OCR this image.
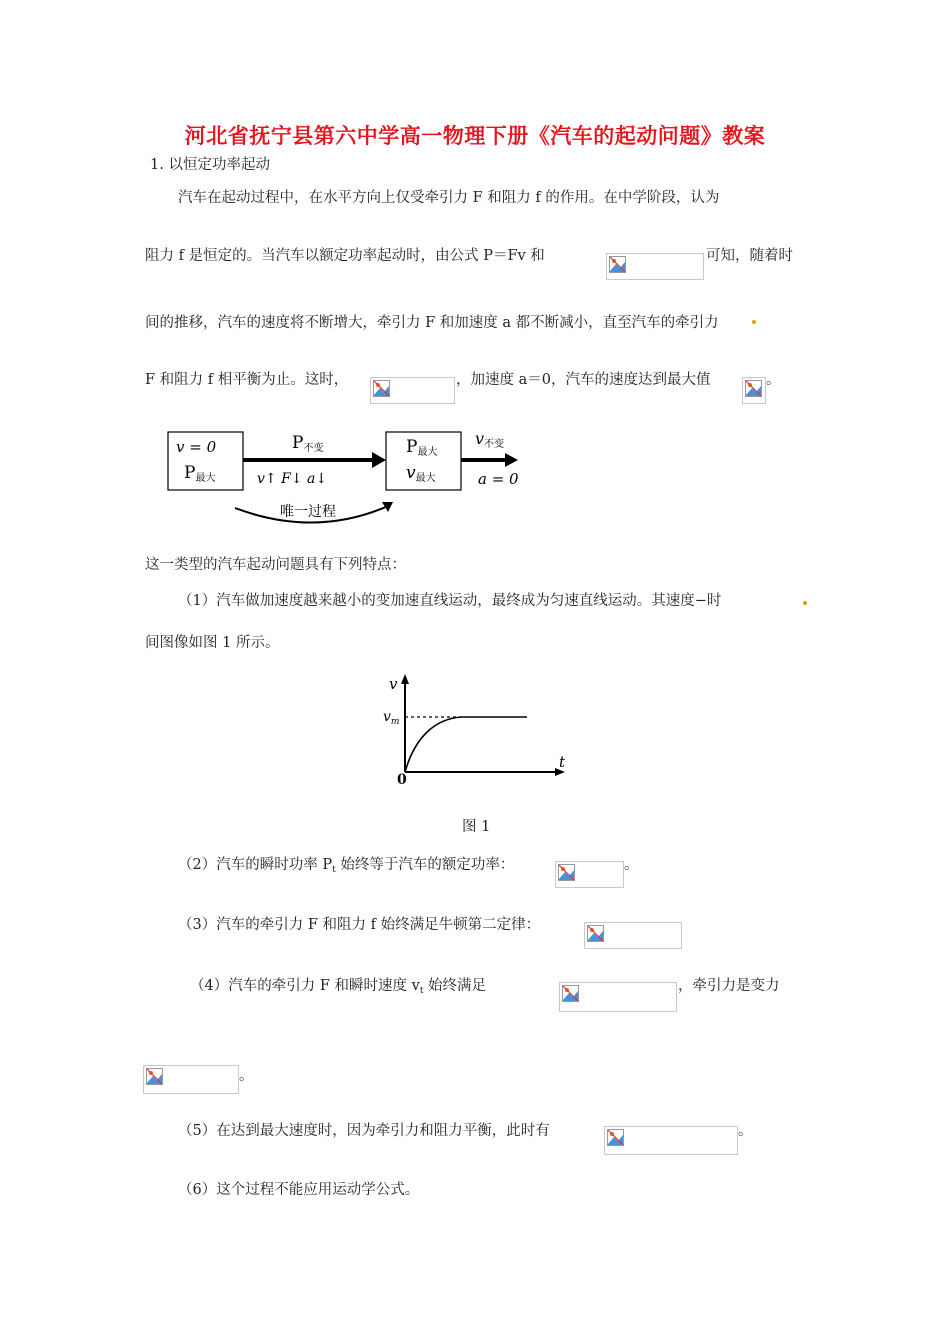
河北省抚宁县第六中学高一物理下册《汽车的起动问题》教案
1. 以恒定功率起动
汽车在起动过程中，在水平方向上仅受牵引力 F 和阻力 f 的作用。在中学阶段，认为
阻力 f 是恒定的。当汽车以额定功率起动时，由公式 P＝Fv 和	可知，随着时
间的推移，汽车的速度将不断增大，牵引力 F 和加速度 a 都不断减小，直至汽车的牵引力
F 和阻力 f 相平衡为止。这时，	，加速度 a＝0，汽车的速度达到最大值	。
v = 0
P最大
P不变
v↑ F↓ a↓
P最大
v最大
v不变
a = 0
唯一过程
这一类型的汽车起动问题具有下列特点：
（1）汽车做加速度越来越小的变加速直线运动，最终成为匀速直线运动。其速度−时
间图像如图 1 所示。
v
$v_m$
t
0
图 1
（2）汽车的瞬时功率 $P_t$ 始终等于汽车的额定功率：	。
（3）汽车的牵引力 F 和阻力 f 始终满足牛顿第二定律：
（4）汽车的牵引力 F 和瞬时速度 $v_t$ 始终满足	，牵引力是变力
。
（5）在达到最大速度时，因为牵引力和阻力平衡，此时有	。
（6）这个过程不能应用运动学公式。
